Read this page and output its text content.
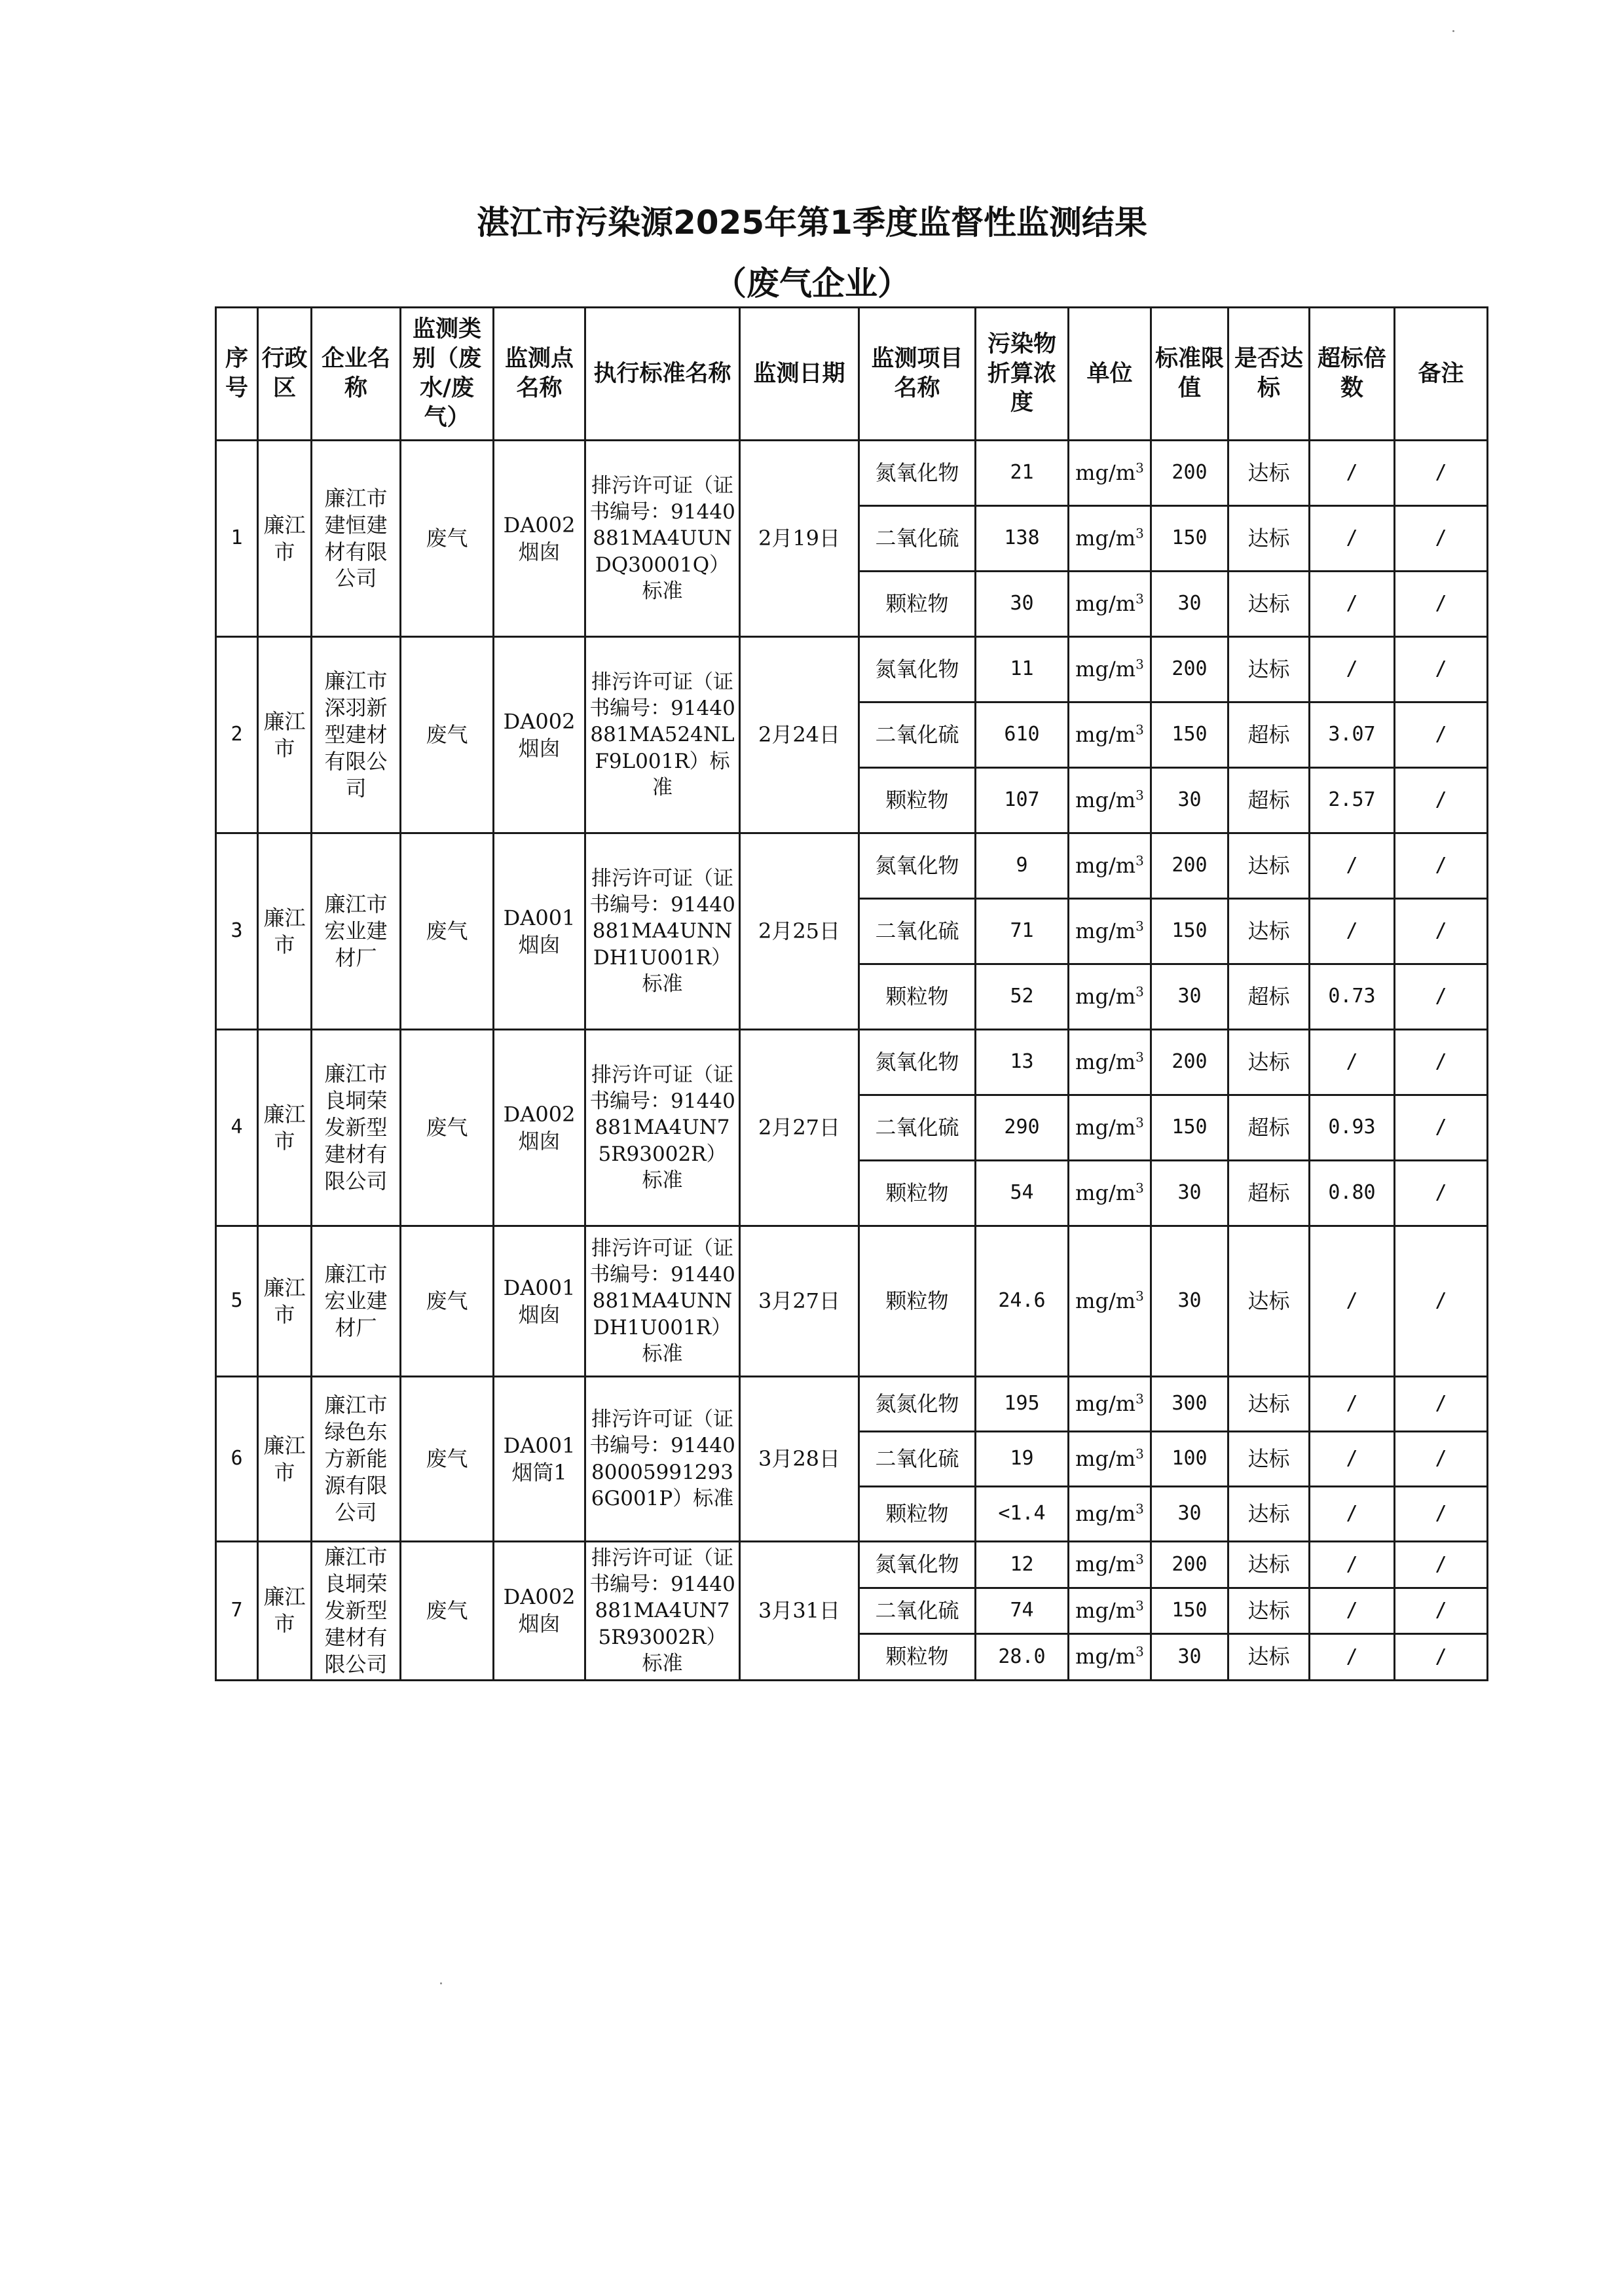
湛江市污染源2025年第1季度监督性监测结果
（废气企业）
序号	行政区	企业名称	监测类别（废水/废气）	监测点名称	执行标准名称	监测日期	监测项目名称	污染物折算浓度	单位	标准限值	是否达标	超标倍数	备注
1	廉江市	廉江市建恒建材有限公司	废气	DA002烟囱	排污许可证（证书编号：91440881MA4UUNDQ30001Q）标准	2月19日	氮氧化物	21	$mg/m^3$	200	达标	/	/
							二氧化硫	138	$mg/m^3$	150	达标	/	/
							颗粒物	30	$mg/m^3$	30	达标	/	/
2	廉江市	廉江市深羽新型建材有限公司	废气	DA002烟囱	排污许可证（证书编号：91440881MA524NLF9L001R）标准	2月24日	氮氧化物	11	$mg/m^3$	200	达标	/	/
							二氧化硫	610	$mg/m^3$	150	超标	3.07	/
							颗粒物	107	$mg/m^3$	30	超标	2.57	/
3	廉江市	廉江市宏业建材厂	废气	DA001烟囱	排污许可证（证书编号：91440881MA4UNNDH1U001R）标准	2月25日	氮氧化物	9	$mg/m^3$	200	达标	/	/
							二氧化硫	71	$mg/m^3$	150	达标	/	/
							颗粒物	52	$mg/m^3$	30	超标	0.73	/
4	廉江市	廉江市良垌荣发新型建材有限公司	废气	DA002烟囱	排污许可证（证书编号：91440881MA4UN75R93002R）标准	2月27日	氮氧化物	13	$mg/m^3$	200	达标	/	/
							二氧化硫	290	$mg/m^3$	150	超标	0.93	/
							颗粒物	54	$mg/m^3$	30	超标	0.80	/
5	廉江市	廉江市宏业建材厂	废气	DA001烟囱	排污许可证（证书编号：91440881MA4UNNDH1U001R）标准	3月27日	颗粒物	24.6	$mg/m^3$	30	达标	/	/
6	廉江市	廉江市绿色东方新能源有限公司	废气	DA001烟筒1	排污许可证（证书编号：91440800059912936G001P）标准	3月28日	氮氮化物	195	$mg/m^3$	300	达标	/	/
							二氧化硫	19	$mg/m^3$	100	达标	/	/
							颗粒物	<1.4	$mg/m^3$	30	达标	/	/
7	廉江市	廉江市良垌荣发新型建材有限公司	废气	DA002烟囱	排污许可证（证书编号：91440881MA4UN75R93002R）标准	3月31日	氮氧化物	12	$mg/m^3$	200	达标	/	/
							二氧化硫	74	$mg/m^3$	150	达标	/	/
							颗粒物	28.0	$mg/m^3$	30	达标	/	/
